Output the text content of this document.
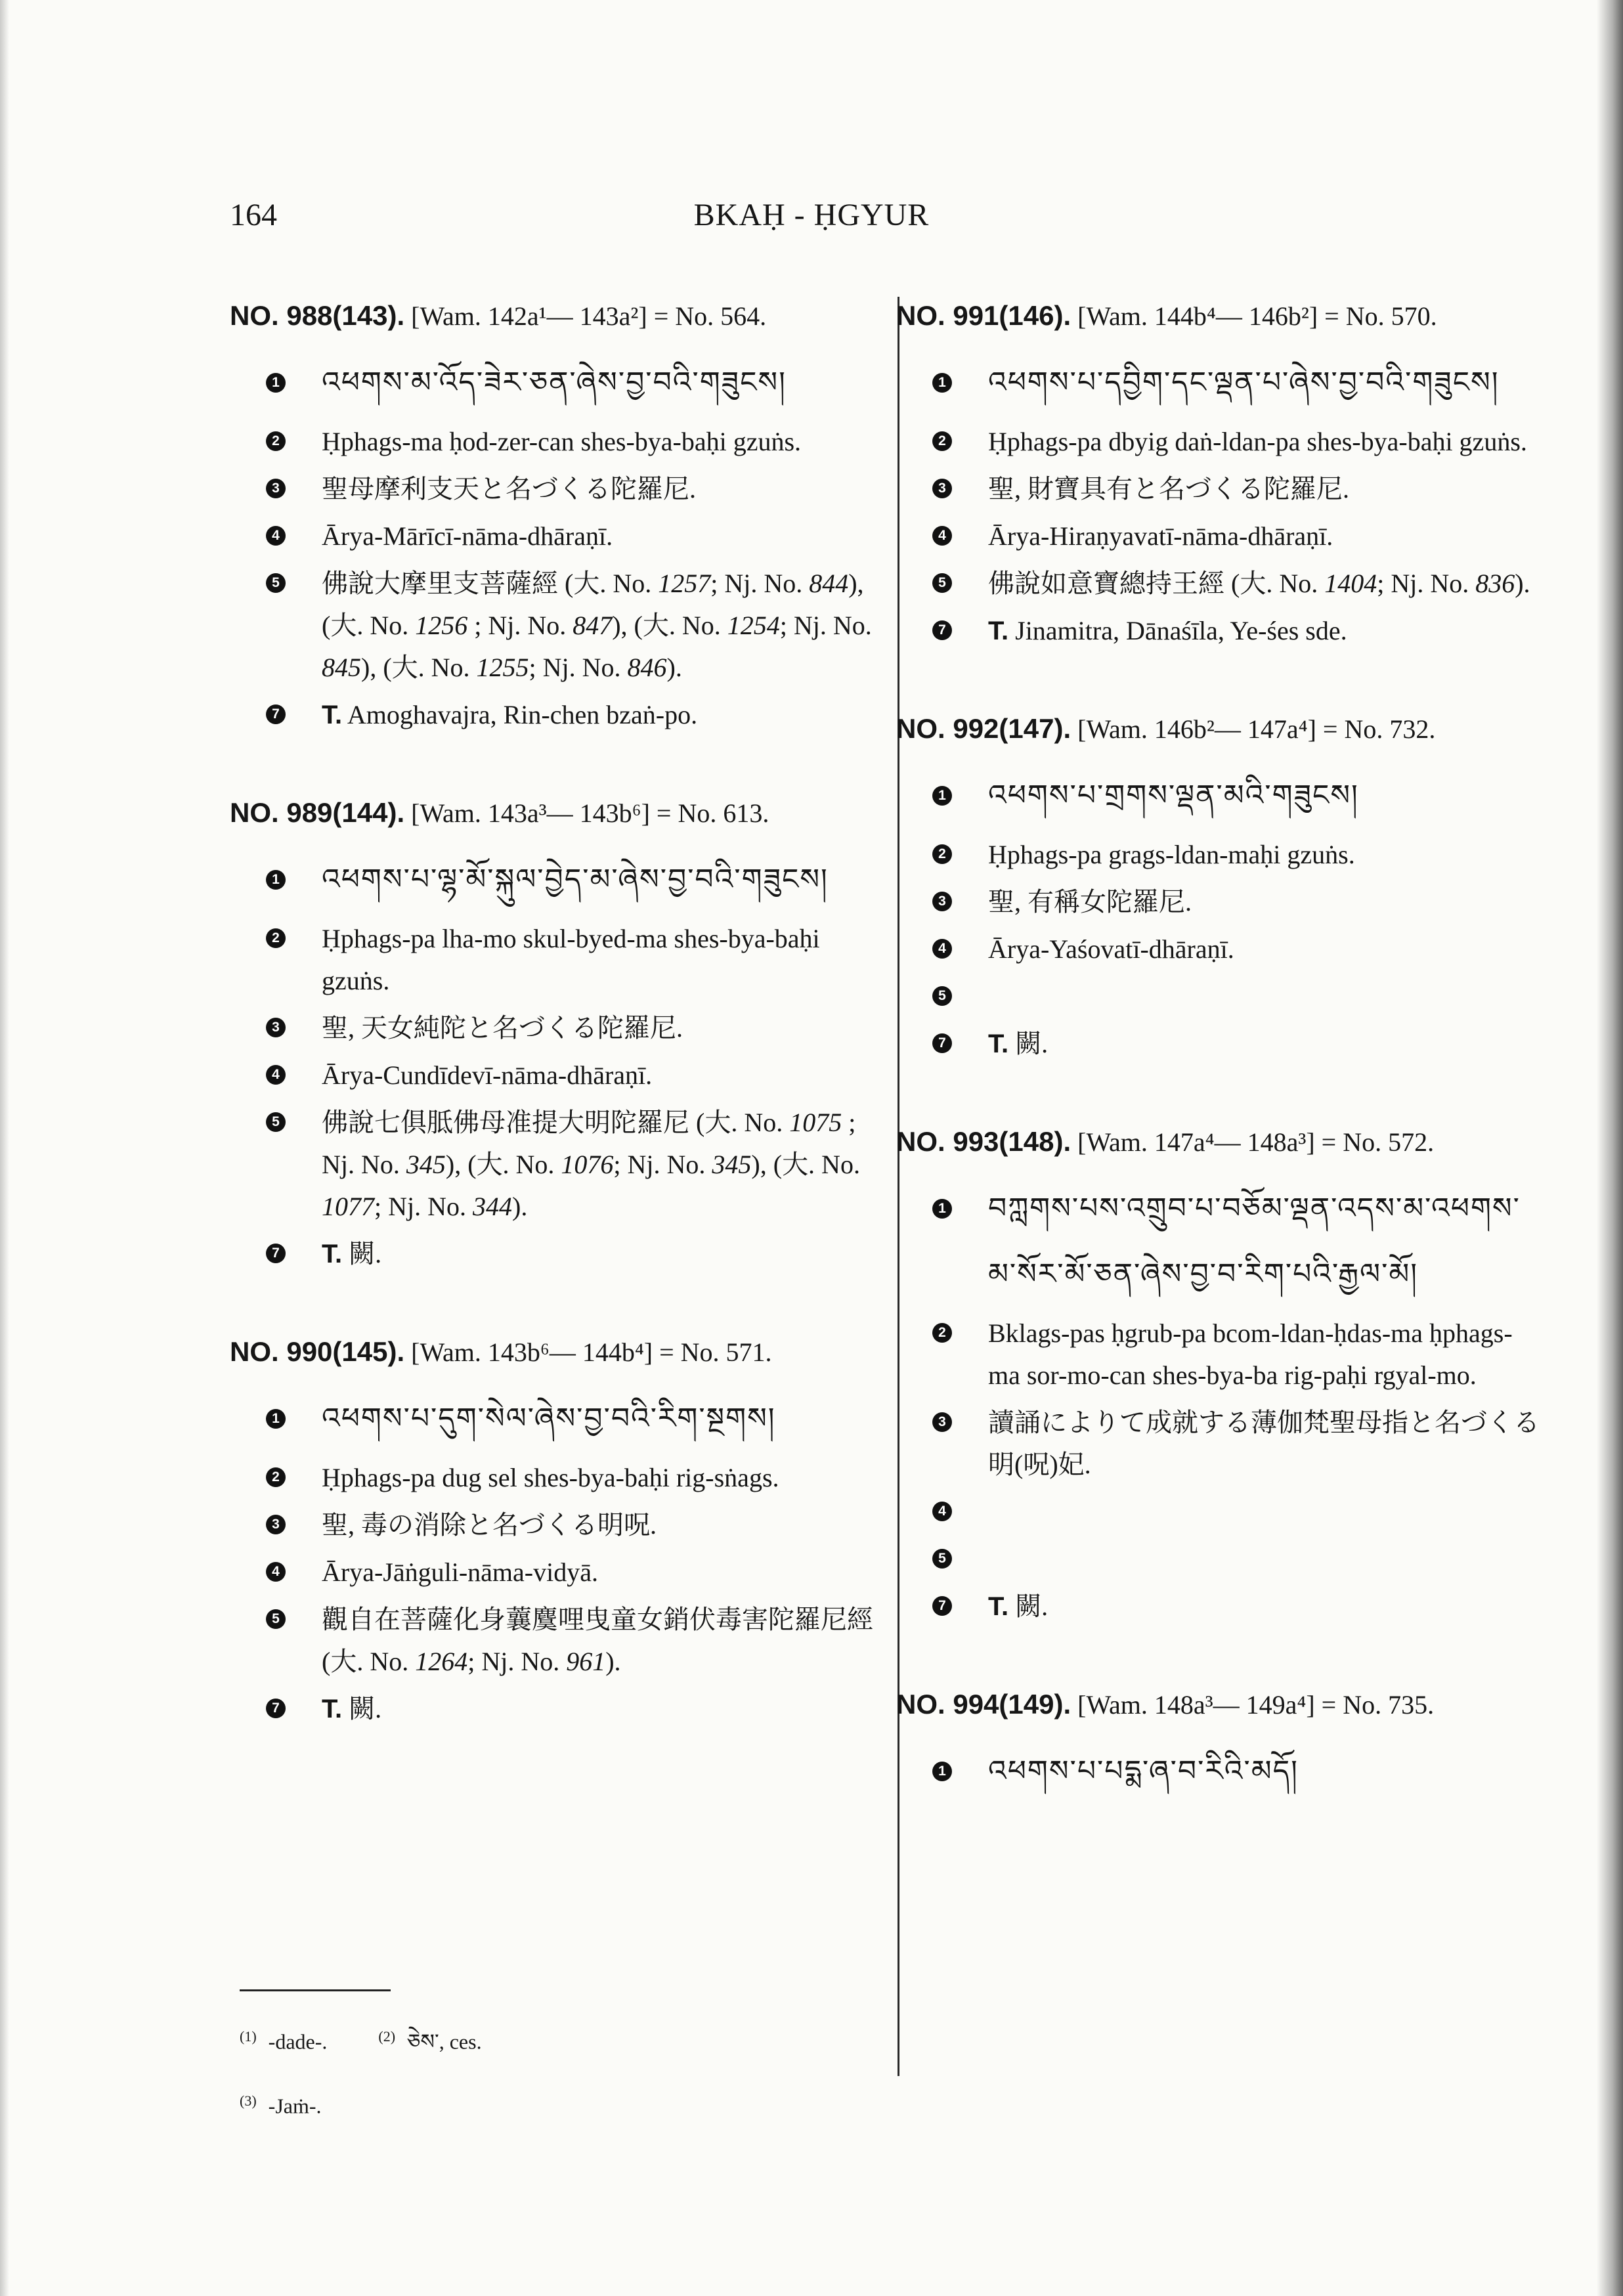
164	BKAḤ - ḤGYUR
NO. 988(143). [Wam. 142a¹— 143a²] = No. 564.
1 འཕགས་མ་འོད་ཟེར་ཅན་ཞེས་བྱ་བའི་གཟུངས།
2 Ḥphags-ma ḥod-zer-can shes-bya-baḥi gzuṅs.
3 聖母摩利支天と名づくる陀羅尼.
4 Ārya-Mārīcī-nāma-dhāraṇī.
5 佛說大摩里支菩薩經 (大. No. 1257; Nj. No. 844), (大. No. 1256 ; Nj. No. 847), (大. No. 1254; Nj. No. 845), (大. No. 1255; Nj. No. 846).
7 T. Amoghavajra, Rin-chen bzaṅ-po.
NO. 989(144). [Wam. 143a³— 143b⁶] = No. 613.
1 འཕགས་པ་ལྷ་མོ་སྐུལ་བྱེད་མ་ཞེས་བྱ་བའི་གཟུངས།
2 Ḥphags-pa lha-mo skul-byed-ma shes-bya-baḥi gzuṅs.
3 聖, 天女純陀と名づくる陀羅尼.
4 Ārya-Cundīdevī-nāma-dhāraṇī.
5 佛說七俱胝佛母准提大明陀羅尼 (大. No. 1075 ; Nj. No. 345), (大. No. 1076; Nj. No. 345), (大. No. 1077; Nj. No. 344).
7 T. 闕.
NO. 990(145). [Wam. 143b⁶— 144b⁴] = No. 571.
1 འཕགས་པ་དུག་སེལ་ཞེས་བྱ་བའི་རིག་སྔགས།
2 Ḥphags-pa dug sel shes-bya-baḥi rig-sṅags.
3 聖, 毒の消除と名づくる明呪.
4 Ārya-Jāṅguli-nāma-vidyā.
5 觀自在菩薩化身蘘麌哩曳童女銷伏毒害陀羅尼經 (大. No. 1264; Nj. No. 961).
7 T. 闕.
NO. 991(146). [Wam. 144b⁴— 146b²] = No. 570.
1 འཕགས་པ་དབྱིག་དང་ལྡན་པ་ཞེས་བྱ་བའི་གཟུངས།
2 Ḥphags-pa dbyig daṅ-ldan-pa shes-bya-baḥi gzuṅs.
3 聖, 財寶具有と名づくる陀羅尼.
4 Ārya-Hiraṇyavatī-nāma-dhāraṇī.
5 佛說如意寶總持王經 (大. No. 1404; Nj. No. 836).
7 T. Jinamitra, Dānaśīla, Ye-śes sde.
NO. 992(147). [Wam. 146b²— 147a⁴] = No. 732.
1 འཕགས་པ་གྲགས་ལྡན་མའི་གཟུངས།
2 Ḥphags-pa grags-ldan-maḥi gzuṅs.
3 聖, 有稱女陀羅尼.
4 Ārya-Yaśovatī-dhāraṇī.
5
7 T. 闕.
NO. 993(148). [Wam. 147a⁴— 148a³] = No. 572.
1 བཀླགས་པས་འགྲུབ་པ་བཅོམ་ལྡན་འདས་མ་འཕགས་མ་སོར་མོ་ཅན་ཞེས་བྱ་བ་རིག་པའི་རྒྱལ་མོ།
2 Bklags-pas ḥgrub-pa bcom-ldan-ḥdas-ma ḥphags-ma sor-mo-can shes-bya-ba rig-paḥi rgyal-mo.
3 讀誦によりて成就する薄伽梵聖母指と名づくる明(呪)妃.
4
5
7 T. 闕.
NO. 994(149). [Wam. 148a³— 149a⁴] = No. 735.
1 འཕགས་པ་པདྨ་ཞ་བ་རིའི་མདོ།
$^{(1)}$ -dade-.	$^{(2)}$ ཅེས་, ces.
$^{(3)}$ -Jaṁ-.
